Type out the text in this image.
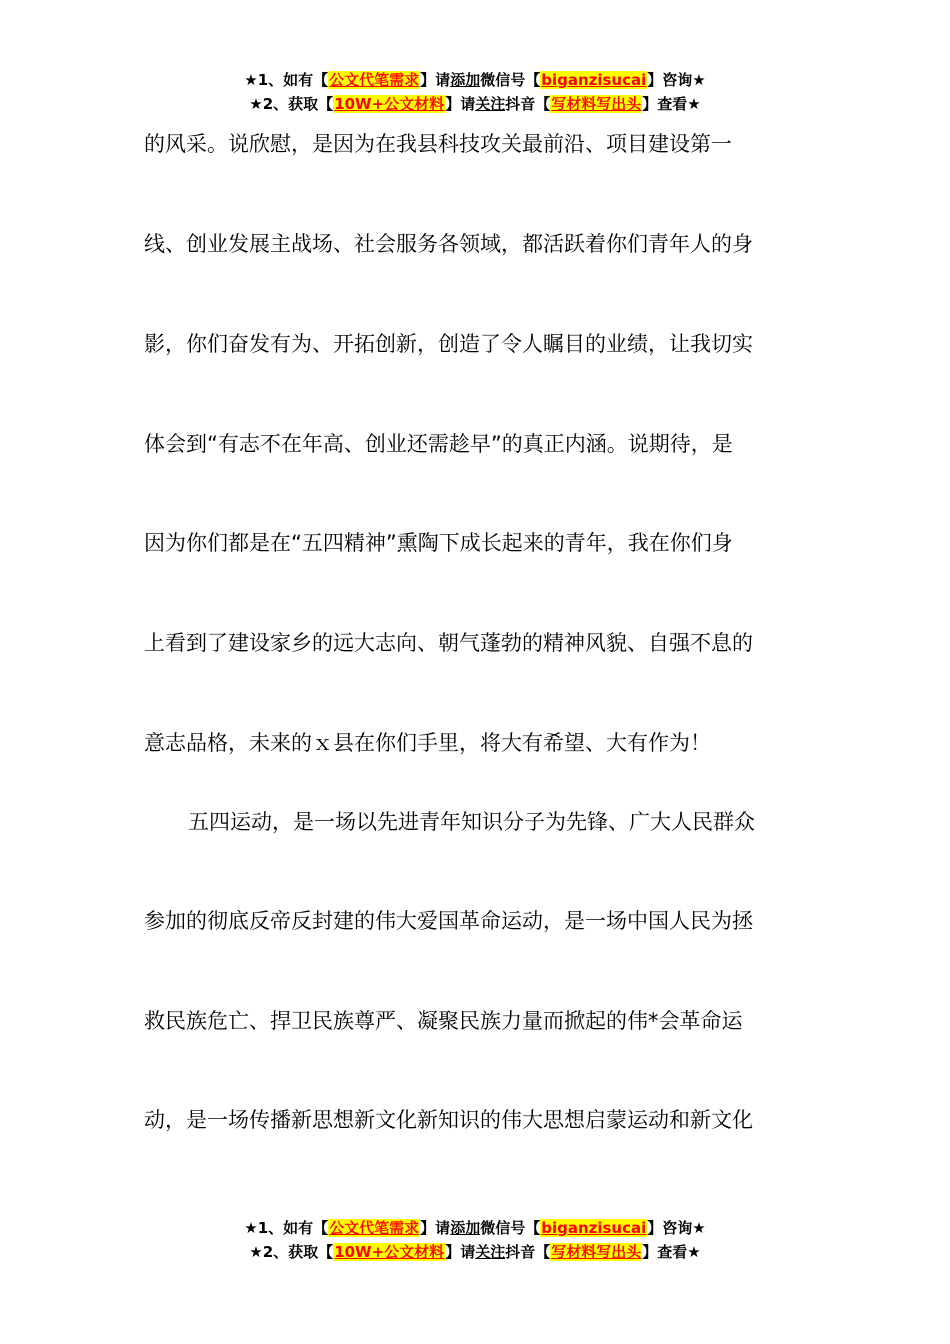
★1、如有【公文代笔需求】请添加微信号【biganzisucai】咨询★
★2、获取【10W+公文材料】请关注抖音【写材料写出头】查看★
的风采。说欣慰，是因为在我县科技攻关最前沿、项目建设第一
线、创业发展主战场、社会服务各领域，都活跃着你们青年人的身
影，你们奋发有为、开拓创新，创造了令人瞩目的业绩，让我切实
体会到“有志不在年高、创业还需趁早”的真正内涵。说期待，是
因为你们都是在“五四精神”熏陶下成长起来的青年，我在你们身
上看到了建设家乡的远大志向、朝气蓬勃的精神风貌、自强不息的
意志品格，未来的ｘ县在你们手里，将大有希望、大有作为！
五四运动，是一场以先进青年知识分子为先锋、广大人民群众
参加的彻底反帝反封建的伟大爱国革命运动，是一场中国人民为拯
救民族危亡、捍卫民族尊严、凝聚民族力量而掀起的伟*会革命运
动，是一场传播新思想新文化新知识的伟大思想启蒙运动和新文化
★1、如有【公文代笔需求】请添加微信号【biganzisucai】咨询★
★2、获取【10W+公文材料】请关注抖音【写材料写出头】查看★
